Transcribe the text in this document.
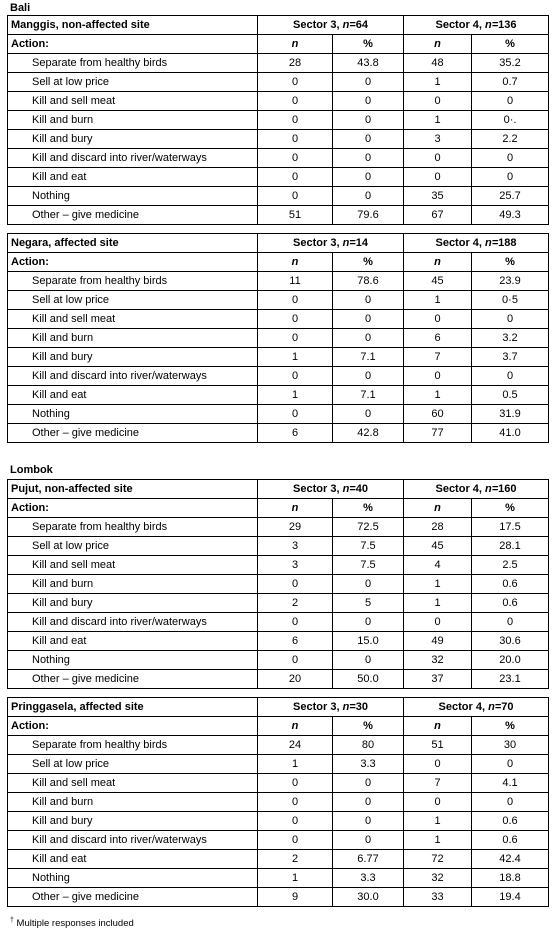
Bali
Manggis, non-affected site	Sector 3, n=64		Sector 4, n=136	
Action:	n	%	n	%
Separate from healthy birds	28	43.8	48	35.2
Sell at low price	0	0	1	0.7
Kill and sell meat	0	0	0	0
Kill and burn	0	0	1	0·.
Kill and bury	0	0	3	2.2
Kill and discard into river/waterways	0	0	0	0
Kill and eat	0	0	0	0
Nothing	0	0	35	25.7
Other – give medicine	51	79.6	67	49.3
Negara, affected site	Sector 3, n=14		Sector 4, n=188	
Action:	n	%	n	%
Separate from healthy birds	11	78.6	45	23.9
Sell at low price	0	0	1	0·5
Kill and sell meat	0	0	0	0
Kill and burn	0	0	6	3.2
Kill and bury	1	7.1	7	3.7
Kill and discard into river/waterways	0	0	0	0
Kill and eat	1	7.1	1	0.5
Nothing	0	0	60	31.9
Other – give medicine	6	42.8	77	41.0
Lombok
Pujut, non-affected site	Sector 3, n=40		Sector 4, n=160	
Action:	n	%	n	%
Separate from healthy birds	29	72.5	28	17.5
Sell at low price	3	7.5	45	28.1
Kill and sell meat	3	7.5	4	2.5
Kill and burn	0	0	1	0.6
Kill and bury	2	5	1	0.6
Kill and discard into river/waterways	0	0	0	0
Kill and eat	6	15.0	49	30.6
Nothing	0	0	32	20.0
Other – give medicine	20	50.0	37	23.1
Pringgasela, affected site	Sector 3, n=30		Sector 4, n=70	
Action:	n	%	n	%
Separate from healthy birds	24	80	51	30
Sell at low price	1	3.3	0	0
Kill and sell meat	0	0	7	4.1
Kill and burn	0	0	0	0
Kill and bury	0	0	1	0.6
Kill and discard into river/waterways	0	0	1	0.6
Kill and eat	2	6.77	72	42.4
Nothing	1	3.3	32	18.8
Other – give medicine	9	30.0	33	19.4
† Multiple responses included
